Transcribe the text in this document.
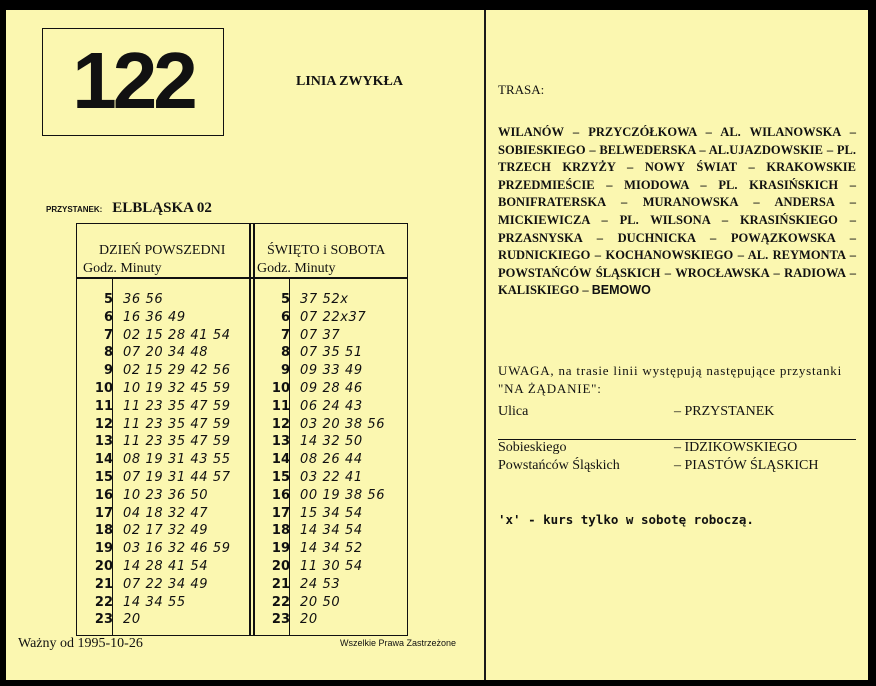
122	LINIA ZWYKŁA
PRZYSTANEK: ELBLĄSKA 02
DZIEŃ POWSZEDNI
Godz. Minuty
ŚWIĘTO i SOBOTA
Godz. Minuty
5 36 56
6 16 36 49
7 02 15 28 41 54
8 07 20 34 48
9 02 15 29 42 56
10 10 19 32 45 59
11 11 23 35 47 59
12 11 23 35 47 59
13 11 23 35 47 59
14 08 19 31 43 55
15 07 19 31 44 57
16 10 23 36 50
17 04 18 32 47
18 02 17 32 49
19 03 16 32 46 59
20 14 28 41 54
21 07 22 34 49
22 14 34 55
23 20
5 37 52x
6 07 22x37
7 07 37
8 07 35 51
9 09 33 49
10 09 28 46
11 06 24 43
12 03 20 38 56
13 14 32 50
14 08 26 44
15 03 22 41
16 00 19 38 56
17 15 34 54
18 14 34 54
19 14 34 52
20 11 30 54
21 24 53
22 20 50
23 20
Ważny od 1995-10-26	Wszelkie Prawa Zastrzeżone
TRASA:
WILANÓW – PRZYCZÓŁKOWA – AL. WILANOWSKA – SOBIESKIEGO – BELWEDERSKA – AL.UJAZDOWSKIE – PL. TRZECH KRZYŻY – NOWY ŚWIAT – KRAKOWSKIE PRZEDMIEŚCIE – MIODOWA – PL. KRASIŃSKICH – BONIFRATERSKA – MURANOWSKA – ANDERSA – MICKIEWICZA – PL. WILSONA – KRASIŃSKIEGO – PRZASNYSKA – DUCHNICKA – POWĄZKOWSKA – RUDNICKIEGO – KOCHANOWSKIEGO – AL. REYMONTA – POWSTAŃCÓW ŚLĄSKICH – WROCŁAWSKA – RADIOWA – KALISKIEGO – BEMOWO
UWAGA, na trasie linii występują następujące przystanki "NA ŻĄDANIE":
Ulica	– PRZYSTANEK
Sobieskiego	– IDZIKOWSKIEGO
Powstańców Śląskich	– PIASTÓW ŚLĄSKICH
'x' - kurs tylko w sobotę roboczą.
